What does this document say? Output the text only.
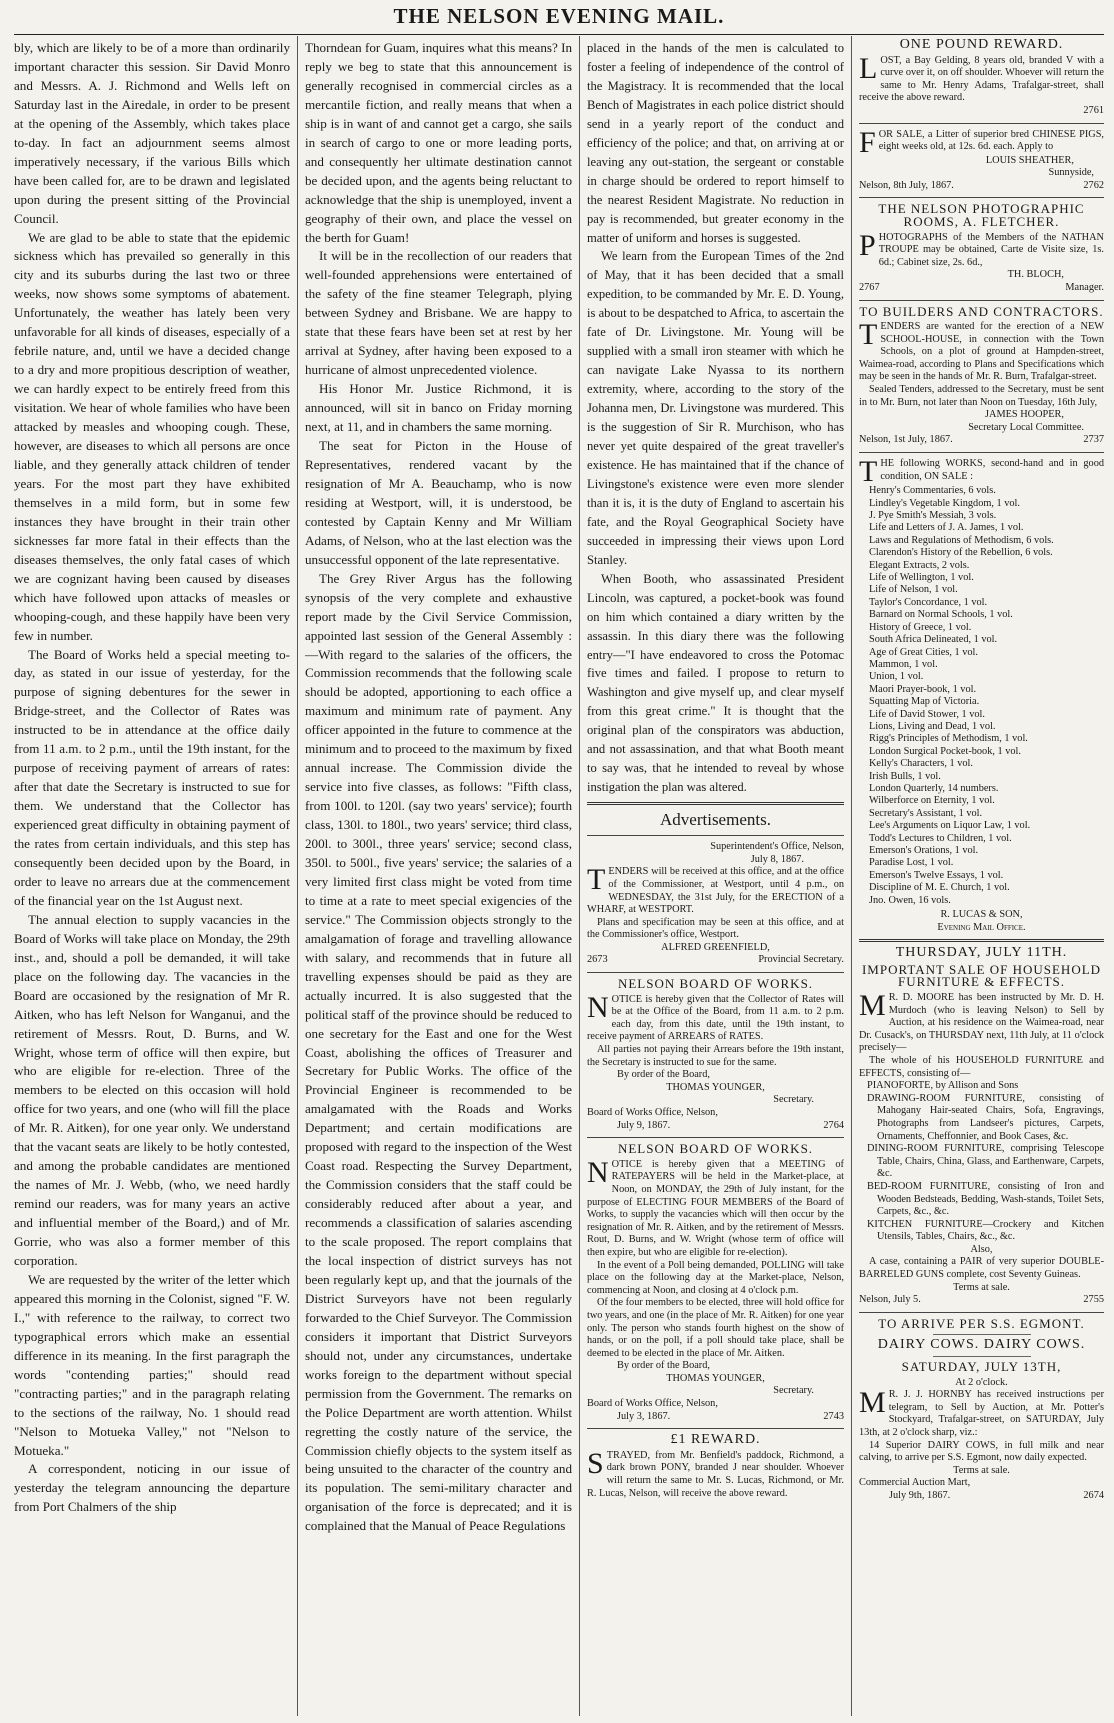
THE NELSON EVENING MAIL.

bly, which are likely to be of a more than ordinarily important character this session. Sir David Monro and Messrs. A. J. Richmond and Wells left on Saturday last in the Airedale, in order to be present at the opening of the Assembly, which takes place to-day. In fact an adjournment seems almost imperatively necessary, if the various Bills which have been called for, are to be drawn and legislated upon during the present sitting of the Provincial Council.

We are glad to be able to state that the epidemic sickness which has prevailed so generally in this city and its suburbs during the last two or three weeks, now shows some symptoms of abatement. Unfortunately, the weather has lately been very unfavorable for all kinds of diseases, especially of a febrile nature, and, until we have a decided change to a dry and more propitious description of weather, we can hardly expect to be entirely freed from this visitation. We hear of whole families who have been attacked by measles and whooping cough. These, however, are diseases to which all persons are once liable, and they generally attack children of tender years. For the most part they have exhibited themselves in a mild form, but in some few instances they have brought in their train other sicknesses far more fatal in their effects than the diseases themselves, the only fatal cases of which we are cognizant having been caused by diseases which have followed upon attacks of measles or whooping-cough, and these happily have been very few in number.

The Board of Works held a special meeting to-day, as stated in our issue of yesterday, for the purpose of signing debentures for the sewer in Bridge-street, and the Collector of Rates was instructed to be in attendance at the office daily from 11 a.m. to 2 p.m., until the 19th instant, for the purpose of receiving payment of arrears of rates: after that date the Secretary is instructed to sue for them. We understand that the Collector has experienced great difficulty in obtaining payment of the rates from certain individuals, and this step has consequently been decided upon by the Board, in order to leave no arrears due at the commencement of the financial year on the 1st August next.

The annual election to supply vacancies in the Board of Works will take place on Monday, the 29th inst., and, should a poll be demanded, it will take place on the following day. The vacancies in the Board are occasioned by the resignation of Mr R. Aitken, who has left Nelson for Wanganui, and the retirement of Messrs. Rout, D. Burns, and W. Wright, whose term of office will then expire, but who are eligible for re-election. Three of the members to be elected on this occasion will hold office for two years, and one (who will fill the place of Mr. R. Aitken), for one year only. We understand that the vacant seats are likely to be hotly contested, and among the probable candidates are mentioned the names of Mr. J. Webb, (who, we need hardly remind our readers, was for many years an active and influential member of the Board,) and of Mr. Gorrie, who was also a former member of this corporation.

We are requested by the writer of the letter which appeared this morning in the Colonist, signed "F. W. I.," with reference to the railway, to correct two typographical errors which make an essential difference in its meaning. In the first paragraph the words "contending parties;" should read "contracting parties;" and in the paragraph relating to the sections of the railway, No. 1 should read "Nelson to Motueka Valley," not "Nelson to Motueka."

A correspondent, noticing in our issue of yesterday the telegram announcing the departure from Port Chalmers of the ship

Thorndean for Guam, inquires what this means? In reply we beg to state that this announcement is generally recognised in commercial circles as a mercantile fiction, and really means that when a ship is in want of and cannot get a cargo, she sails in search of cargo to one or more leading ports, and consequently her ultimate destination cannot be decided upon, and the agents being reluctant to acknowledge that the ship is unemployed, invent a geography of their own, and place the vessel on the berth for Guam!

It will be in the recollection of our readers that well-founded apprehensions were entertained of the safety of the fine steamer Telegraph, plying between Sydney and Brisbane. We are happy to state that these fears have been set at rest by her arrival at Sydney, after having been exposed to a hurricane of almost unprecedented violence.

His Honor Mr. Justice Richmond, it is announced, will sit in banco on Friday morning next, at 11, and in chambers the same morning.

The seat for Picton in the House of Representatives, rendered vacant by the resignation of Mr A. Beauchamp, who is now residing at Westport, will, it is understood, be contested by Captain Kenny and Mr William Adams, of Nelson, who at the last election was the unsuccessful opponent of the late representative.

The Grey River Argus has the following synopsis of the very complete and exhaustive report made by the Civil Service Commission, appointed last session of the General Assembly :—With regard to the salaries of the officers, the Commission recommends that the following scale should be adopted, apportioning to each office a maximum and minimum rate of payment. Any officer appointed in the future to commence at the minimum and to proceed to the maximum by fixed annual increase. The Commission divide the service into five classes, as follows: "Fifth class, from 100l. to 120l. (say two years' service); fourth class, 130l. to 180l., two years' service; third class, 200l. to 300l., three years' service; second class, 350l. to 500l., five years' service; the salaries of a very limited first class might be voted from time to time at a rate to meet special exigencies of the service." The Commission objects strongly to the amalgamation of forage and travelling allowance with salary, and recommends that in future all travelling expenses should be paid as they are actually incurred. It is also suggested that the political staff of the province should be reduced to one secretary for the East and one for the West Coast, abolishing the offices of Treasurer and Secretary for Public Works. The office of the Provincial Engineer is recommended to be amalgamated with the Roads and Works Department; and certain modifications are proposed with regard to the inspection of the West Coast road. Respecting the Survey Department, the Commission considers that the staff could be considerably reduced after about a year, and recommends a classification of salaries ascending to the scale proposed. The report complains that the local inspection of district surveys has not been regularly kept up, and that the journals of the District Surveyors have not been regularly forwarded to the Chief Surveyor. The Commission considers it important that District Surveyors should not, under any circumstances, undertake works foreign to the department without special permission from the Government. The remarks on the Police Department are worth attention. Whilst regretting the costly nature of the service, the Commission chiefly objects to the system itself as being unsuited to the character of the country and its population. The semi-military character and organisation of the force is deprecated; and it is complained that the Manual of Peace Regulations

placed in the hands of the men is calculated to foster a feeling of independence of the control of the Magistracy. It is recommended that the local Bench of Magistrates in each police district should send in a yearly report of the conduct and efficiency of the police; and that, on arriving at or leaving any out-station, the sergeant or constable in charge should be ordered to report himself to the nearest Resident Magistrate. No reduction in pay is recommended, but greater economy in the matter of uniform and horses is suggested.

We learn from the European Times of the 2nd of May, that it has been decided that a small expedition, to be commanded by Mr. E. D. Young, is about to be despatched to Africa, to ascertain the fate of Dr. Livingstone. Mr. Young will be supplied with a small iron steamer with which he can navigate Lake Nyassa to its northern extremity, where, according to the story of the Johanna men, Dr. Livingstone was murdered. This is the suggestion of Sir R. Murchison, who has never yet quite despaired of the great traveller's existence. He has maintained that if the chance of Livingstone's existence were even more slender than it is, it is the duty of England to ascertain his fate, and the Royal Geographical Society have succeeded in impressing their views upon Lord Stanley.

When Booth, who assassinated President Lincoln, was captured, a pocket-book was found on him which contained a diary written by the assassin. In this diary there was the following entry—"I have endeavored to cross the Potomac five times and failed. I propose to return to Washington and give myself up, and clear myself from this great crime." It is thought that the original plan of the conspirators was abduction, and not assassination, and that what Booth meant to say was, that he intended to reveal by whose instigation the plan was altered.

Advertisements.
Superintendent's Office, Nelson,
July 8, 1867.

TENDERS will be received at this office, and at the office of the Commissioner, at Westport, until 4 p.m., on WEDNESDAY, the 31st July, for the ERECTION of a WHARF, at WESTPORT.

Plans and specification may be seen at this office, and at the Commissioner's office, Westport.

ALFRED GREENFIELD,
2673	Provincial Secretary.
NELSON BOARD OF WORKS.

NOTICE is hereby given that the Collector of Rates will be at the Office of the Board, from 11 a.m. to 2 p.m. each day, from this date, until the 19th instant, to receive payment of ARREARS of RATES.

All parties not paying their Arrears before the 19th instant, the Secretary is instructed to sue for the same.

By order of the Board,
THOMAS YOUNGER,
Secretary.
Board of Works Office, Nelson,
July 9, 1867.	2764
NELSON BOARD OF WORKS.

NOTICE is hereby given that a MEETING of RATEPAYERS will be held in the Market-place, at Noon, on MONDAY, the 29th of July instant, for the purpose of ELECTING FOUR MEMBERS of the Board of Works, to supply the vacancies which will then occur by the resignation of Mr. R. Aitken, and by the retirement of Messrs. Rout, D. Burns, and W. Wright (whose term of office will then expire, but who are eligible for re-election).

In the event of a Poll being demanded, POLLING will take place on the following day at the Market-place, Nelson, commencing at Noon, and closing at 4 o'clock p.m.

Of the four members to be elected, three will hold office for two years, and one (in the place of Mr. R. Aitken) for one year only. The person who stands fourth highest on the show of hands, or on the poll, if a poll should take place, shall be deemed to be elected in the place of Mr. Aitken.

By order of the Board,
THOMAS YOUNGER,
Secretary.
Board of Works Office, Nelson,
July 3, 1867.	2743
£1 REWARD.

STRAYED, from Mr. Benfield's paddock, Richmond, a dark brown PONY, branded J near shoulder. Whoever will return the same to Mr. S. Lucas, Richmond, or Mr. R. Lucas, Nelson, will receive the above reward.

ONE POUND REWARD.

LOST, a Bay Gelding, 8 years old, branded V with a curve over it, on off shoulder. Whoever will return the same to Mr. Henry Adams, Trafalgar-street, shall receive the above reward.

2761

FOR SALE, a Litter of superior bred CHINESE PIGS, eight weeks old, at 12s. 6d. each. Apply to

LOUIS SHEATHER,
Sunnyside,
Nelson, 8th July, 1867.	2762
THE NELSON PHOTOGRAPHIC ROOMS, A. FLETCHER.

PHOTOGRAPHS of the Members of the NATHAN TROUPE may be obtained, Carte de Visite size, 1s. 6d.; Cabinet size, 2s. 6d.,

TH. BLOCH,
2767	Manager.
TO BUILDERS AND CONTRACTORS.

TENDERS are wanted for the erection of a NEW SCHOOL-HOUSE, in connection with the Town Schools, on a plot of ground at Hampden-street, Waimea-road, according to Plans and Specifications which may be seen in the hands of Mr. R. Burn, Trafalgar-street.

Sealed Tenders, addressed to the Secretary, must be sent in to Mr. Burn, not later than Noon on Tuesday, 16th July,

JAMES HOOPER,
Secretary Local Committee.
Nelson, 1st July, 1867.	2737

THE following WORKS, second-hand and in good condition, ON SALE :

Henry's Commentaries, 6 vols.
Lindley's Vegetable Kingdom, 1 vol.
J. Pye Smith's Messiah, 3 vols.
Life and Letters of J. A. James, 1 vol.
Laws and Regulations of Methodism, 6 vols.
Clarendon's History of the Rebellion, 6 vols.
Elegant Extracts, 2 vols.
Life of Wellington, 1 vol.
Life of Nelson, 1 vol.
Taylor's Concordance, 1 vol.
Barnard on Normal Schools, 1 vol.
History of Greece, 1 vol.
South Africa Delineated, 1 vol.
Age of Great Cities, 1 vol.
Mammon, 1 vol.
Union, 1 vol.
Maori Prayer-book, 1 vol.
Squatting Map of Victoria.
Life of David Stower, 1 vol.
Lions, Living and Dead, 1 vol.
Rigg's Principles of Methodism, 1 vol.
London Surgical Pocket-book, 1 vol.
Kelly's Characters, 1 vol.
Irish Bulls, 1 vol.
London Quarterly, 14 numbers.
Wilberforce on Eternity, 1 vol.
Secretary's Assistant, 1 vol.
Lee's Arguments on Liquor Law, 1 vol.
Todd's Lectures to Children, 1 vol.
Emerson's Orations, 1 vol.
Paradise Lost, 1 vol.
Emerson's Twelve Essays, 1 vol.
Discipline of M. E. Church, 1 vol.
Jno. Owen, 16 vols.
R. LUCAS & SON,
Evening Mail Office.
THURSDAY, JULY 11TH.
IMPORTANT SALE OF HOUSEHOLD FURNITURE & EFFECTS.

M R. D. MOORE has been instructed by Mr. D. H. Murdoch (who is leaving Nelson) to Sell by Auction, at his residence on the Waimea-road, near Dr. Cusack's, on THURSDAY next, 11th July, at 11 o'clock precisely—

The whole of his HOUSEHOLD FURNITURE and EFFECTS, consisting of—

PIANOFORTE, by Allison and Sons

DRAWING-ROOM FURNITURE, consisting of Mahogany Hair-seated Chairs, Sofa, Engravings, Photographs from Landseer's pictures, Carpets, Ornaments, Cheffonnier, and Book Cases, &c.

DINING-ROOM FURNITURE, comprising Telescope Table, Chairs, China, Glass, and Earthenware, Carpets, &c.

BED-ROOM FURNITURE, consisting of Iron and Wooden Bedsteads, Bedding, Wash-stands, Toilet Sets, Carpets, &c., &c.

KITCHEN FURNITURE—Crockery and Kitchen Utensils, Tables, Chairs, &c., &c.

Also,

A case, containing a PAIR of very superior DOUBLE-BARRELED GUNS complete, cost Seventy Guineas.

Terms at sale.
Nelson, July 5.	2755
TO ARRIVE PER S.S. EGMONT.
DAIRY COWS. DAIRY COWS.
SATURDAY, JULY 13TH,
At 2 o'clock.

M R. J. J. HORNBY has received instructions per telegram, to Sell by Auction, at Mr. Potter's Stockyard, Trafalgar-street, on SATURDAY, July 13th, at 2 o'clock sharp, viz.:

14 Superior DAIRY COWS, in full milk and near calving, to arrive per S.S. Egmont, now daily expected.

Terms at sale.
Commercial Auction Mart,
July 9th, 1867.	2674
